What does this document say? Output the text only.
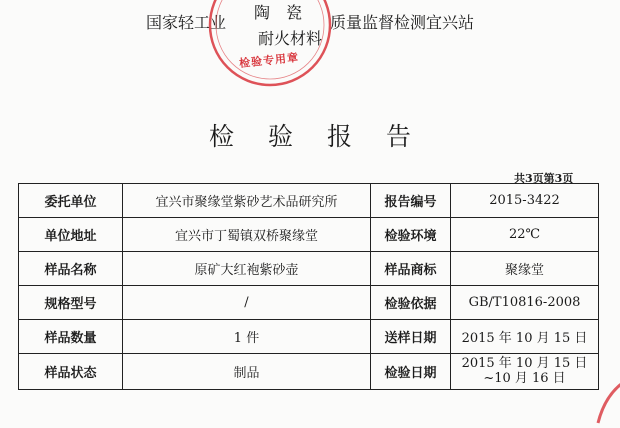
国家轻工业
陶　瓷
质量监督检测宜兴站
耐火材料
检验专用章
检验报告
共3页第3页
委托单位	宜兴市聚缘堂紫砂艺术品研究所	报告编号	2015-3422
单位地址	宜兴市丁蜀镇双桥聚缘堂	检验环境	22℃
样品名称	原矿大红袍紫砂壶	样品商标	聚缘堂
规格型号	/	检验依据	GB/T10816-2008
样品数量	1 件	送样日期	2015 年 10 月 15 日
样品状态	制品	检验日期	2015 年 10 月 15 日
~10 月 16 日
